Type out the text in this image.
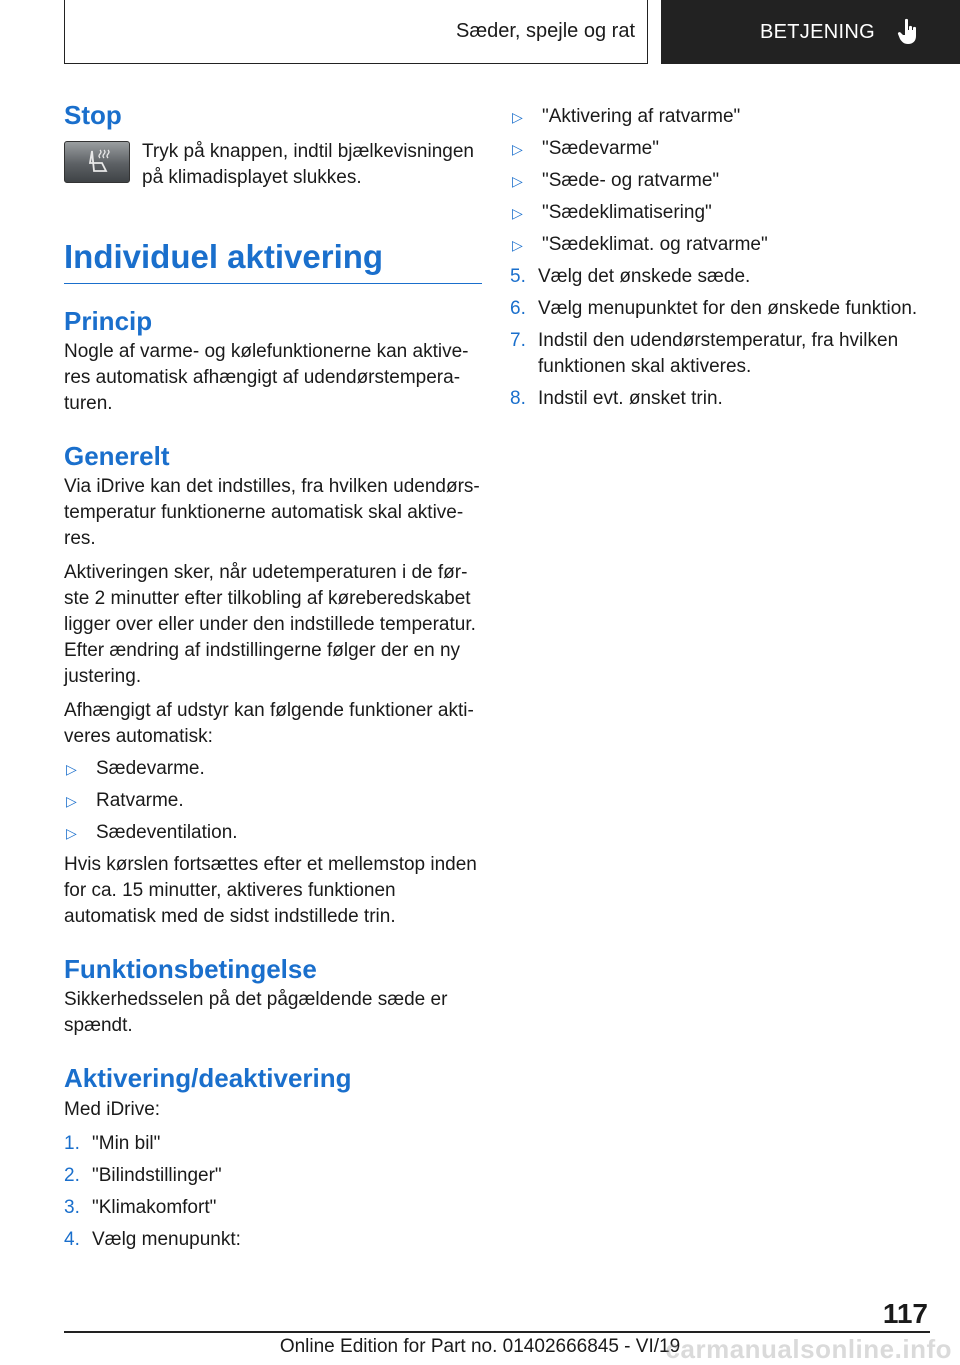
Sæder, spejle og rat	BETJENING
Stop

Tryk på knappen, indtil bjælkevisningen på klimadisplayet slukkes.

Individuel aktivering
Princip

Nogle af varme- og kølefunktionerne kan aktiveres automatisk afhængigt af udendørstemperaturen.

Generelt

Via iDrive kan det indstilles, fra hvilken udendørstemperatur funktionerne automatisk skal aktiveres.

Aktiveringen sker, når udetemperaturen i de første 2 minutter efter tilkobling af køreberedskabet ligger over eller under den indstillede temperatur. Efter ændring af indstillingerne følger der en ny justering.

Afhængigt af udstyr kan følgende funktioner aktiveres automatisk:

▷	Sædevarme.
▷	Ratvarme.
▷	Sædeventilation.

Hvis kørslen fortsættes efter et mellemstop inden for ca. 15 minutter, aktiveres funktionen automatisk med de sidst indstillede trin.

Funktionsbetingelse

Sikkerhedsselen på det pågældende sæde er spændt.

Aktivering/deaktivering

Med iDrive:

1. "Min bil"
2. "Bilindstillinger"
3. "Klimakomfort"
4. Vælg menupunkt:
▷	"Aktivering af ratvarme"
▷	"Sædevarme"
▷	"Sæde- og ratvarme"
▷	"Sædeklimatisering"
▷	"Sædeklimat. og ratvarme"
5. Vælg det ønskede sæde.
6. Vælg menupunktet for den ønskede funktion.
7. Indstil den udendørstemperatur, fra hvilken funktionen skal aktiveres.
8. Indstil evt. ønsket trin.
117
Online Edition for Part no. 01402666845 - VI/19
carmanualsonline.info
